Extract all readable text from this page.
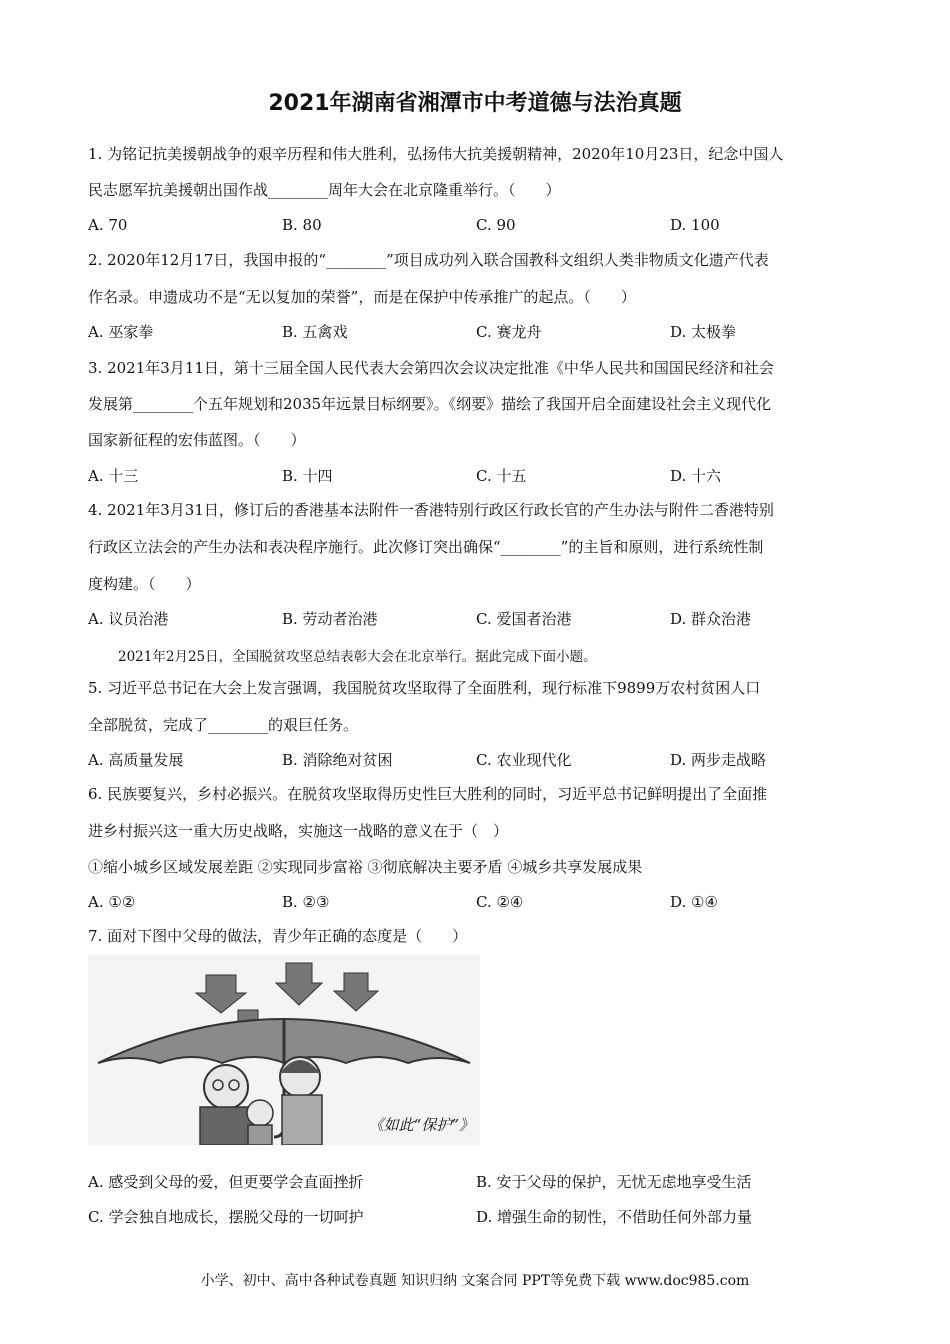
2021年湖南省湘潭市中考道德与法治真题
1. 为铭记抗美援朝战争的艰辛历程和伟大胜利，弘扬伟大抗美援朝精神，2020年10月23日，纪念中国人
民志愿军抗美援朝出国作战________周年大会在北京隆重举行。（　　）
A. 70	B. 80	C. 90	D. 100
2. 2020年12月17日，我国申报的“________”项目成功列入联合国教科文组织人类非物质文化遗产代表
作名录。申遗成功不是“无以复加的荣誉”，而是在保护中传承推广的起点。（　　）
A. 巫家拳	B. 五禽戏	C. 赛龙舟	D. 太极拳
3. 2021年3月11日，第十三届全国人民代表大会第四次会议决定批准《中华人民共和国国民经济和社会
发展第________个五年规划和2035年远景目标纲要》。《纲要》描绘了我国开启全面建设社会主义现代化
国家新征程的宏伟蓝图。（　　）
A. 十三	B. 十四	C. 十五	D. 十六
4. 2021年3月31日，修订后的香港基本法附件一香港特别行政区行政长官的产生办法与附件二香港特别
行政区立法会的产生办法和表决程序施行。此次修订突出确保“________”的主旨和原则，进行系统性制
度构建。（　　）
A. 议员治港	B. 劳动者治港	C. 爱国者治港	D. 群众治港
2021年2月25日，全国脱贫攻坚总结表彰大会在北京举行。据此完成下面小题。
5. 习近平总书记在大会上发言强调，我国脱贫攻坚取得了全面胜利，现行标准下9899万农村贫困人口
全部脱贫，完成了________的艰巨任务。
A. 高质量发展	B. 消除绝对贫困	C. 农业现代化	D. 两步走战略
6. 民族要复兴，乡村必振兴。在脱贫攻坚取得历史性巨大胜利的同时，习近平总书记鲜明提出了全面推
进乡村振兴这一重大历史战略，实施这一战略的意义在于（　）
①缩小城乡区域发展差距 ②实现同步富裕 ③彻底解决主要矛盾 ④城乡共享发展成果
A. ①②	B. ②③	C. ②④	D. ①④
7. 面对下图中父母的做法，青少年正确的态度是（　　）
《如此“保护”》
A. 感受到父母的爱，但更要学会直面挫折	B. 安于父母的保护，无忧无虑地享受生活
C. 学会独自地成长，摆脱父母的一切呵护	D. 增强生命的韧性，不借助任何外部力量
小学、初中、高中各种试卷真题 知识归纳 文案合同 PPT等免费下载 www.doc985.com
